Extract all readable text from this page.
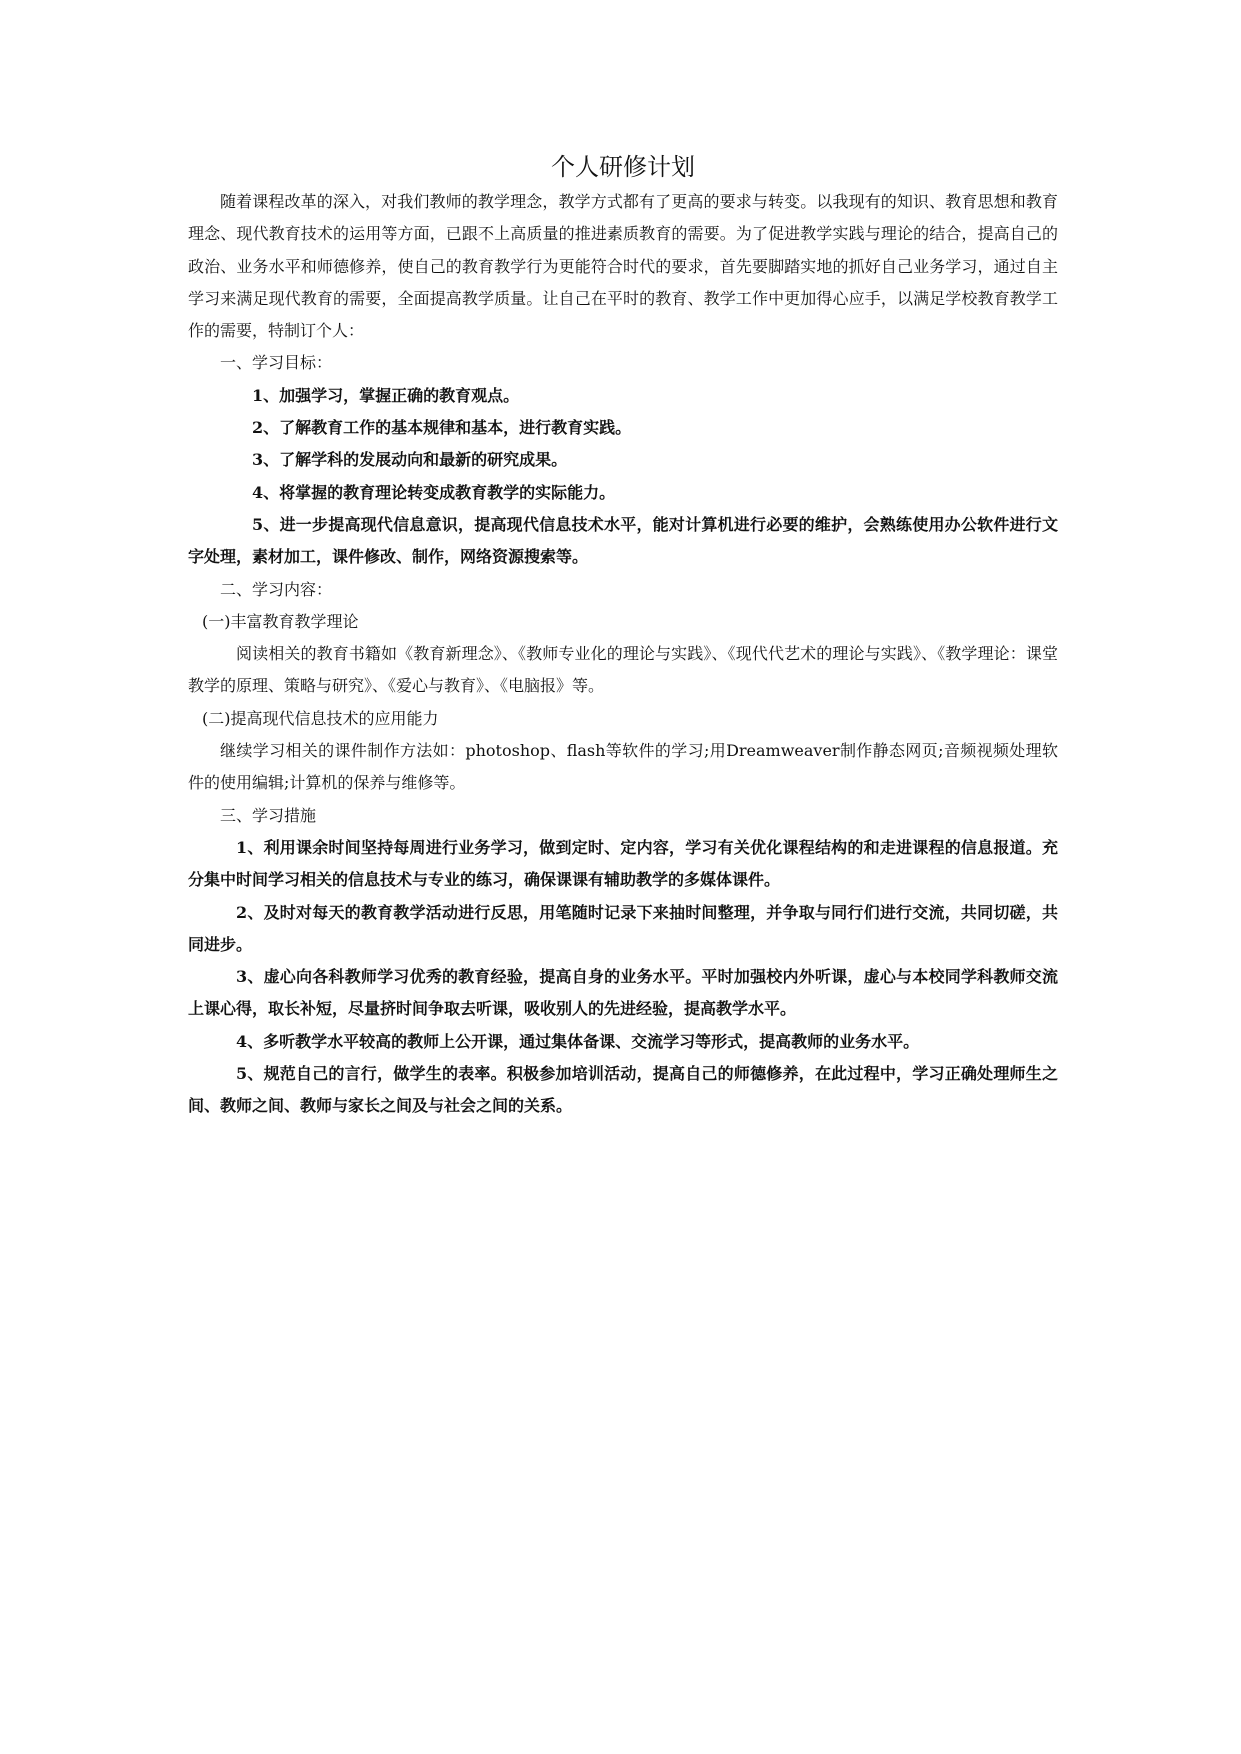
个人研修计划

随着课程改革的深入，对我们教师的教学理念，教学方式都有了更高的要求与转变。以我现有的知识、教育思想和教育理念、现代教育技术的运用等方面，已跟不上高质量的推进素质教育的需要。为了促进教学实践与理论的结合，提高自己的政治、业务水平和师德修养，使自己的教育教学行为更能符合时代的要求，首先要脚踏实地的抓好自己业务学习，通过自主学习来满足现代教育的需要，全面提高教学质量。让自己在平时的教育、教学工作中更加得心应手，以满足学校教育教学工作的需要，特制订个人：

一、学习目标：

1、加强学习，掌握正确的教育观点。

2、了解教育工作的基本规律和基本，进行教育实践。

3、了解学科的发展动向和最新的研究成果。

4、将掌握的教育理论转变成教育教学的实际能力。

5、进一步提高现代信息意识，提高现代信息技术水平，能对计算机进行必要的维护，会熟练使用办公软件进行文字处理，素材加工，课件修改、制作，网络资源搜索等。

二、学习内容：

(一)丰富教育教学理论

阅读相关的教育书籍如《教育新理念》、《教师专业化的理论与实践》、《现代代艺术的理论与实践》、《教学理论：课堂教学的原理、策略与研究》、《爱心与教育》、《电脑报》等。

(二)提高现代信息技术的应用能力

继续学习相关的课件制作方法如：photoshop、flash等软件的学习;用Dreamweaver制作静态网页;音频视频处理软件的使用编辑;计算机的保养与维修等。

三、学习措施

1、利用课余时间坚持每周进行业务学习，做到定时、定内容，学习有关优化课程结构的和走进课程的信息报道。充分集中时间学习相关的信息技术与专业的练习，确保课课有辅助教学的多媒体课件。

2、及时对每天的教育教学活动进行反思，用笔随时记录下来抽时间整理，并争取与同行们进行交流，共同切磋，共同进步。

3、虚心向各科教师学习优秀的教育经验，提高自身的业务水平。平时加强校内外听课，虚心与本校同学科教师交流上课心得，取长补短，尽量挤时间争取去听课，吸收别人的先进经验，提高教学水平。

4、多听教学水平较高的教师上公开课，通过集体备课、交流学习等形式，提高教师的业务水平。

5、规范自己的言行，做学生的表率。积极参加培训活动，提高自己的师德修养，在此过程中，学习正确处理师生之间、教师之间、教师与家长之间及与社会之间的关系。
